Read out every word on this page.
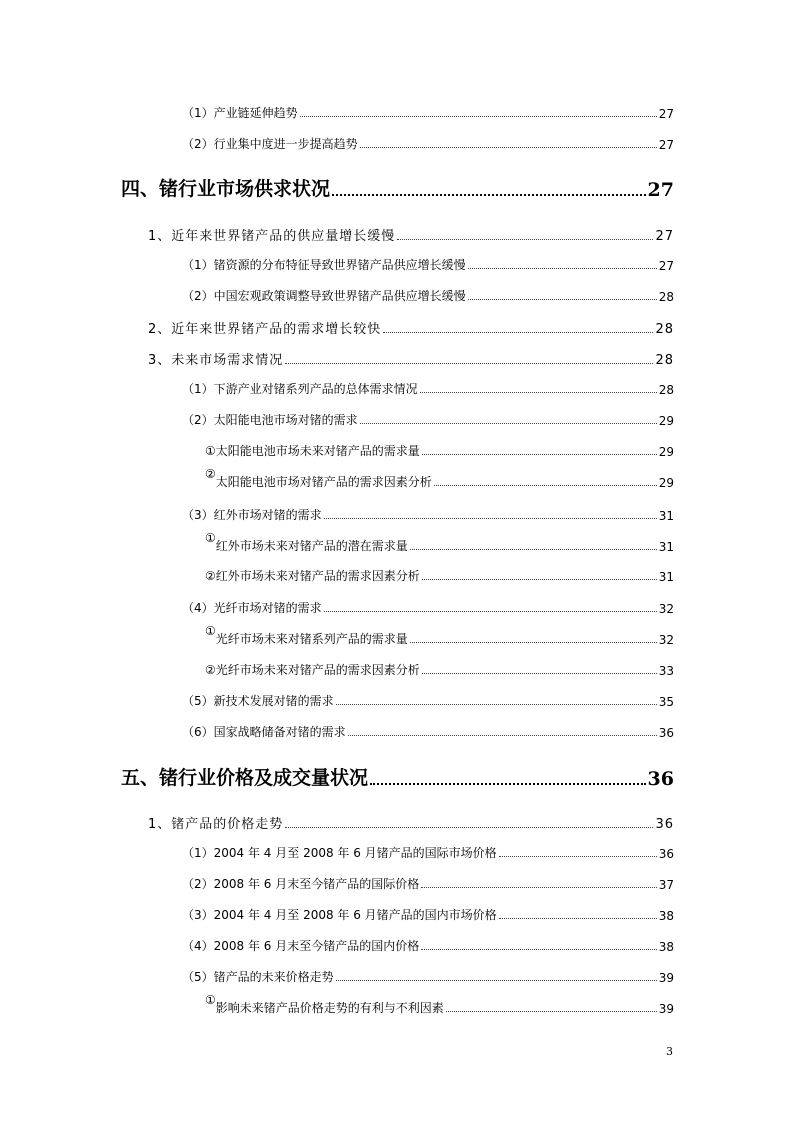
（1）产业链延伸趋势	27
（2）行业集中度进一步提高趋势	27
四、锗行业市场供求状况	27
1、近年来世界锗产品的供应量增长缓慢	27
（1）锗资源的分布特征导致世界锗产品供应增长缓慢	27
（2）中国宏观政策调整导致世界锗产品供应增长缓慢	28
2、近年来世界锗产品的需求增长较快	28
3、未来市场需求情况	28
（1）下游产业对锗系列产品的总体需求情况	28
（2）太阳能电池市场对锗的需求	29
①太阳能电池市场未来对锗产品的需求量	29
②太阳能电池市场对锗产品的需求因素分析	29
（3）红外市场对锗的需求	31
①红外市场未来对锗产品的潜在需求量	31
②红外市场未来对锗产品的需求因素分析	31
（4）光纤市场对锗的需求	32
①光纤市场未来对锗系列产品的需求量	32
②光纤市场未来对锗产品的需求因素分析	33
（5）新技术发展对锗的需求	35
（6）国家战略储备对锗的需求	36
五、锗行业价格及成交量状况	36
1、锗产品的价格走势	36
（1）2004 年 4 月至 2008 年 6 月锗产品的国际市场价格	36
（2）2008 年 6 月末至今锗产品的国际价格	37
（3）2004 年 4 月至 2008 年 6 月锗产品的国内市场价格	38
（4）2008 年 6 月末至今锗产品的国内价格	38
（5）锗产品的未来价格走势	39
①影响未来锗产品价格走势的有利与不利因素	39
3
